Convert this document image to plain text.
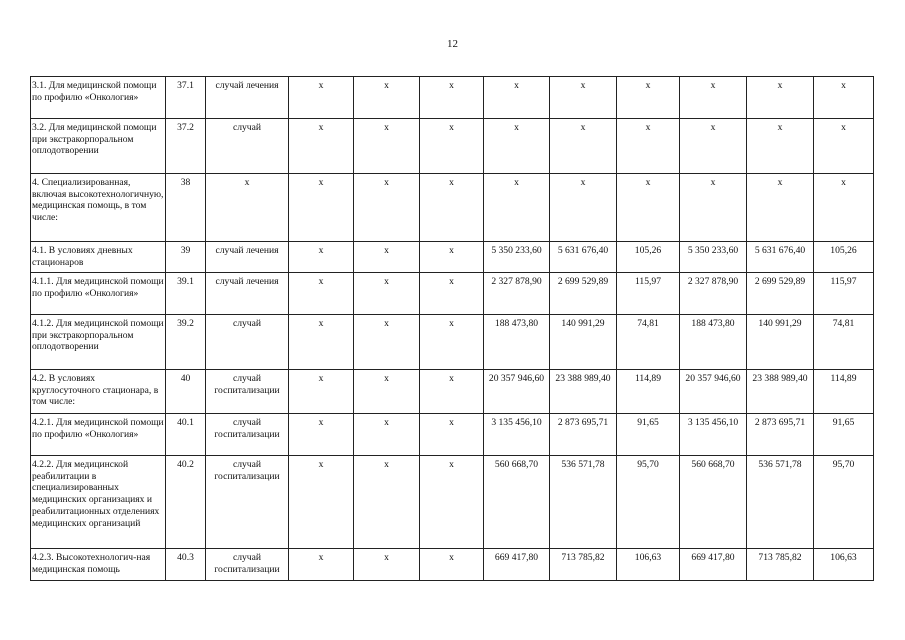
12
3.1. Для медицинской помощи по профилю «Онкология»	37.1	случай лечения	х	х	х	х	х	х	х	х	х
3.2. Для медицинской помощи при экстракорпоральном оплодотворении	37.2	случай	х	х	х	х	х	х	х	х	х
4. Специализированная, включая высокотехнологичную, медицинская помощь, в том числе:	38	х	х	х	х	х	х	х	х	х	х
4.1. В условиях дневных стационаров	39	случай лечения	х	х	х	5 350 233,60	5 631 676,40	105,26	5 350 233,60	5 631 676,40	105,26
4.1.1. Для медицинской помощи по профилю «Онкология»	39.1	случай лечения	х	х	х	2 327 878,90	2 699 529,89	115,97	2 327 878,90	2 699 529,89	115,97
4.1.2. Для медицинской помощи при экстракорпоральном оплодотворении	39.2	случай	х	х	х	188 473,80	140 991,29	74,81	188 473,80	140 991,29	74,81
4.2. В условиях круглосуточного стационара, в том числе:	40	случай госпитализации	х	х	х	20 357 946,60	23 388 989,40	114,89	20 357 946,60	23 388 989,40	114,89
4.2.1. Для медицинской помощи по профилю «Онкология»	40.1	случай госпитализации	х	х	х	3 135 456,10	2 873 695,71	91,65	3 135 456,10	2 873 695,71	91,65
4.2.2. Для медицинской реабилитации в специализированных медицинских организациях и реабилитационных отделениях медицинских организаций	40.2	случай госпитализации	х	х	х	560 668,70	536 571,78	95,70	560 668,70	536 571,78	95,70
4.2.3. Высокотехнологич-ная медицинская помощь	40.3	случай госпитализации	х	х	х	669 417,80	713 785,82	106,63	669 417,80	713 785,82	106,63
